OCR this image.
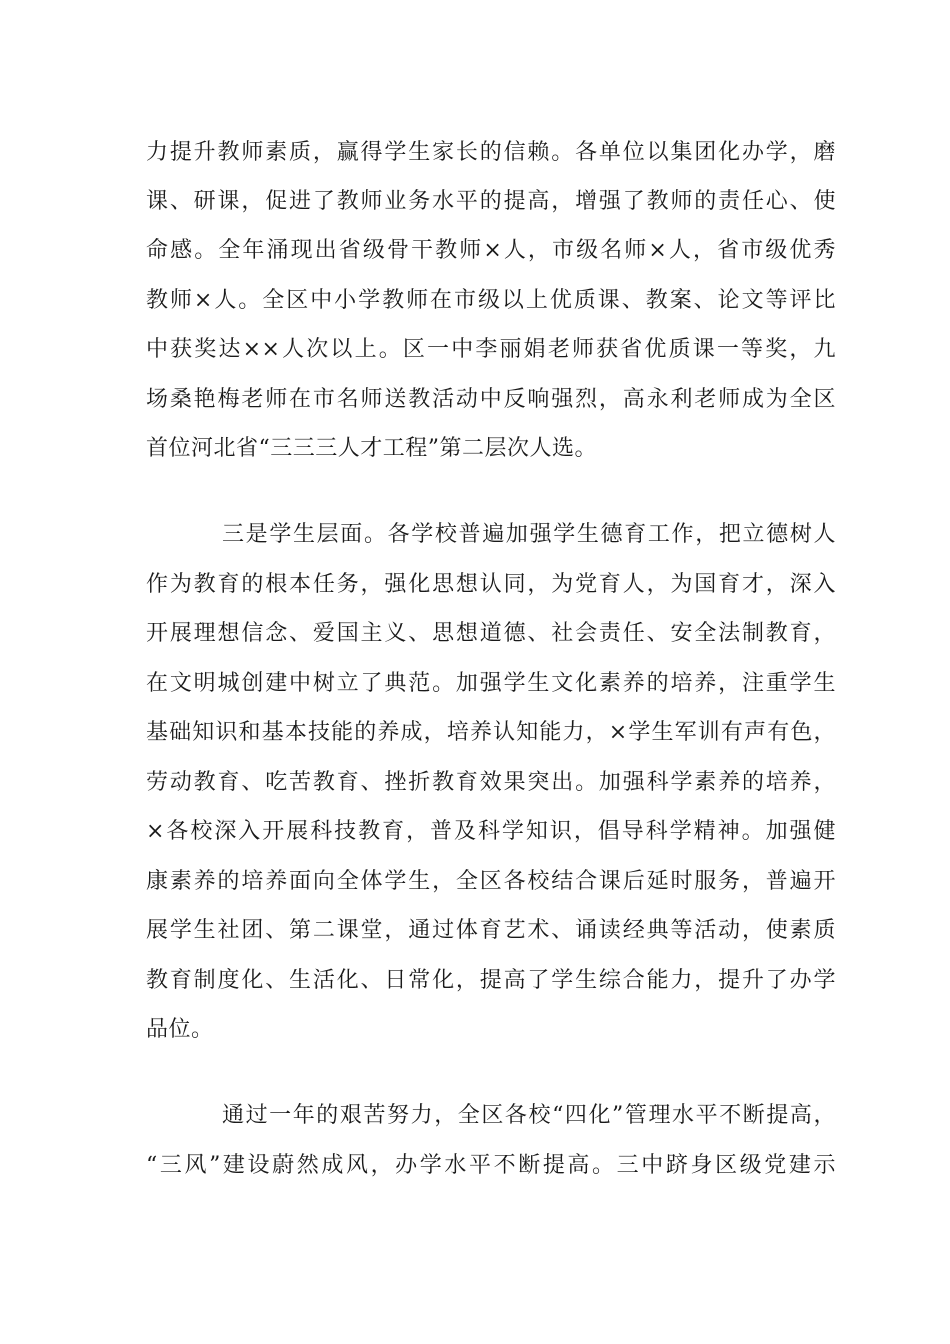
力提升教师素质，赢得学生家长的信赖。各单位以集团化办学，磨
课、研课，促进了教师业务水平的提高，增强了教师的责任心、使
命感。全年涌现出省级骨干教师×人，市级名师×人，省市级优秀
教师×人。全区中小学教师在市级以上优质课、教案、论文等评比
中获奖达××人次以上。区一中李丽娟老师获省优质课一等奖，九
场桑艳梅老师在市名师送教活动中反响强烈，高永利老师成为全区
首位河北省“三三三人才工程”第二层次人选。
三是学生层面。各学校普遍加强学生德育工作，把立德树人
作为教育的根本任务，强化思想认同，为党育人，为国育才，深入
开展理想信念、爱国主义、思想道德、社会责任、安全法制教育，
在文明城创建中树立了典范。加强学生文化素养的培养，注重学生
基础知识和基本技能的养成，培养认知能力，×学生军训有声有色，
劳动教育、吃苦教育、挫折教育效果突出。加强科学素养的培养，
×各校深入开展科技教育，普及科学知识，倡导科学精神。加强健
康素养的培养面向全体学生，全区各校结合课后延时服务，普遍开
展学生社团、第二课堂，通过体育艺术、诵读经典等活动，使素质
教育制度化、生活化、日常化，提高了学生综合能力，提升了办学
品位。
通过一年的艰苦努力，全区各校“四化”管理水平不断提高，
“三风”建设蔚然成风，办学水平不断提高。三中跻身区级党建示
